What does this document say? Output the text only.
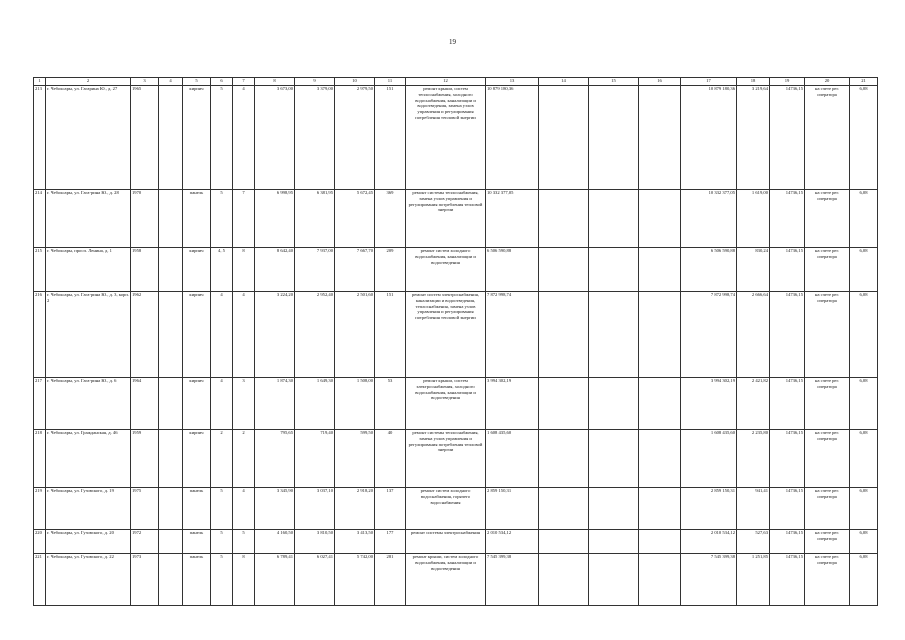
19
1	2	3	4	5	6	7	8	9	10	11	12	13	14	15	16	17	18	19	20	21
213	г. Чебоксары, ул. Гагарина Ю., д. 27	1965		кирпич	5	4	3 673,00	3 379,00	2 979,50	151	ремонт крыши, систем теплоснабжения, холодного водоснабжения, канализации и водоотведения, замена узлов управления и регулирования потребления тепловой энергии	10 879 180,36				10 879 180,36	3 219,64	14736,15	на счете рег. оператора	6,08
214	г. Чебоксары, ул. Гага-рина Ю., д. 28	1970		панель	5	7	6 998,95	6 381,95	5 672,45	369	ремонт системы теплоснабжения, замена узлов управления и регулирования потребления тепловой энергии	10 332 377,05				10 332 377,05	1 619,00	14736,15	на счете рег. оператора	6,08
215	г. Чебоксары, просп. Ленина, д. 1	1958		кирпич	4, 5	8	8 642,40	7 937,00	7 667,70	209	ремонт систем холодного водоснабжения, канализации и водоотведения	6 506 590,88				6 506 590,88	830,24	14736,15	на счете рег. оператора	6,08
216	г. Чебоксары, ул. Гага-рина Ю., д. 3, корп. 2	1962		кирпич	4	4	3 224,20	2 952,40	2 501,60	151	ремонт систем электроснабжения, канализации и водоотведения, теплоснабжения, замена узлов управления и регулирования потребления тепловой энергии	7 872 998,74				7 872 998,74	2 666,64	14736,15	на счете рег. оператора	6,08
217	г. Чебоксары, ул. Гага-рина Ю., д. 6	1964		кирпич	4	3	1 874,30	1 649,30	1 508,00	53	ремонт крыши, систем электроснабжения, холодного водоснабжения, канализации и водоотведения	3 994 302,19				3 994 302,19	2 421,82	14736,15	на счете рег. оператора	6,08
218	г. Чебоксары, ул. Гражданская, д. 46	1959		кирпич	2	2	795,65	719,40	599,50	40	ремонт системы теплоснабжения, замена узлов управления и регулирования потребления тепловой энергии	1 608 435,60				1 608 435,60	2 235,80	14736,15	на счете рег. оператора	6,08
219	г. Чебоксары, ул. Гузовского, д. 19	1975		панель	5	4	3 345,90	3 037,10	2 918,20	137	ремонт систем холодного водоснабжения, горячего водоснабжения	2 859 150,31				2 859 150,31	941,41	14736,15	на счете рег. оператора	6,08
220	г. Чебоксары, ул. Гузовского, д. 20	1972		панель	5	5	4 160,50	3 810,50	3 413,50	177	ремонт системы электроснабжения	2 010 534,12				2 010 534,12	527,63	14736,15	на счете рег. оператора	6,08
221	г. Чебоксары, ул. Гузовского, д. 22	1973		панель	5	8	6 789,41	6 027,41	5 742,00	281	ремонт крыши, систем холодного водоснабжения, канализации и водоотведения	7 545 399,38				7 545 399,38	1 251,85	14736,15	на счете рег. оператора	6,08
